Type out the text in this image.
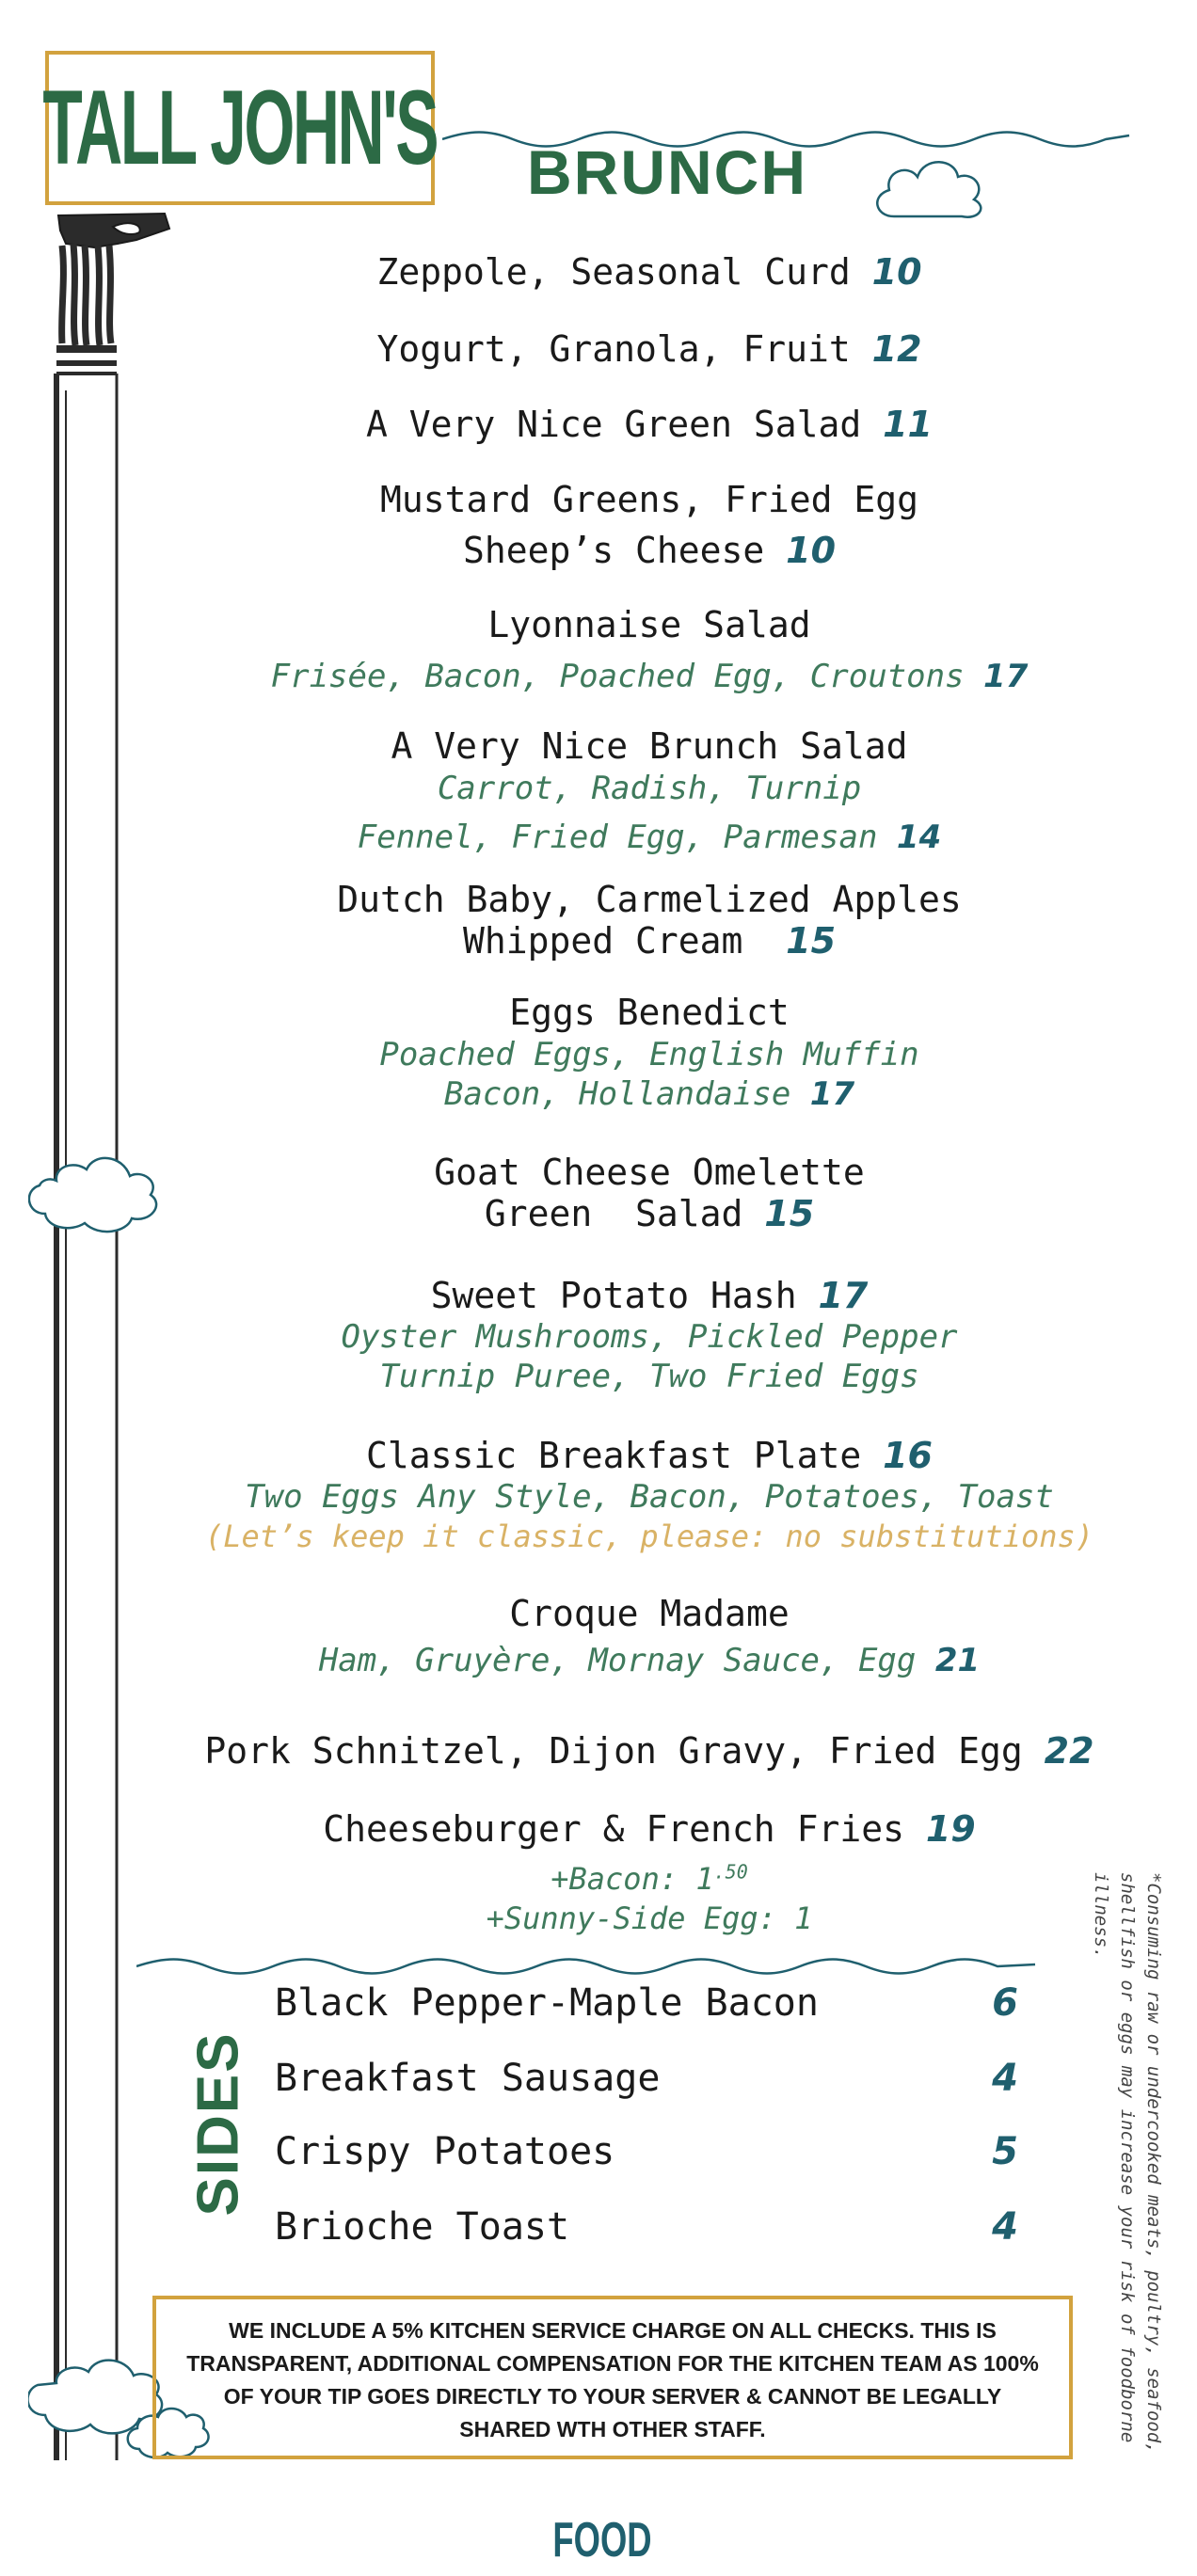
TALL JOHN'S BRUNCH
Zeppole, Seasonal Curd 10
Yogurt, Granola, Fruit 12
A Very Nice Green Salad 11
Mustard Greens, Fried Egg
Sheep’s Cheese 10
Lyonnaise Salad
Frisée, Bacon, Poached Egg, Croutons 17
A Very Nice Brunch Salad
Carrot, Radish, Turnip
Fennel, Fried Egg, Parmesan 14
Dutch Baby, Carmelized Apples
Whipped Cream  15
Eggs Benedict
Poached Eggs, English Muffin
Bacon, Hollandaise 17
Goat Cheese Omelette
Green  Salad 15
Sweet Potato Hash 17
Oyster Mushrooms, Pickled Pepper
Turnip Puree, Two Fried Eggs
Classic Breakfast Plate 16
Two Eggs Any Style, Bacon, Potatoes, Toast
(Let’s keep it classic, please: no substitutions)
Croque Madame
Ham, Gruyère, Mornay Sauce, Egg 21
Pork Schnitzel, Dijon Gravy, Fried Egg 22
Cheeseburger & French Fries 19
+Bacon: $1^{.50}$
+Sunny-Side Egg: 1
SIDES
Black Pepper-Maple Bacon	6
Breakfast Sausage	4
Crispy Potatoes	5
Brioche Toast	4
WE INCLUDE A 5% KITCHEN SERVICE CHARGE ON ALL CHECKS. THIS IS TRANSPARENT, ADDITIONAL COMPENSATION FOR THE KITCHEN TEAM AS 100% OF YOUR TIP GOES DIRECTLY TO YOUR SERVER & CANNOT BE LEGALLY SHARED WTH OTHER STAFF.	*Consuming raw or undercooked meats, poultry, seafood, shellfish or eggs may increase your risk of foodborne illness.
FOOD
